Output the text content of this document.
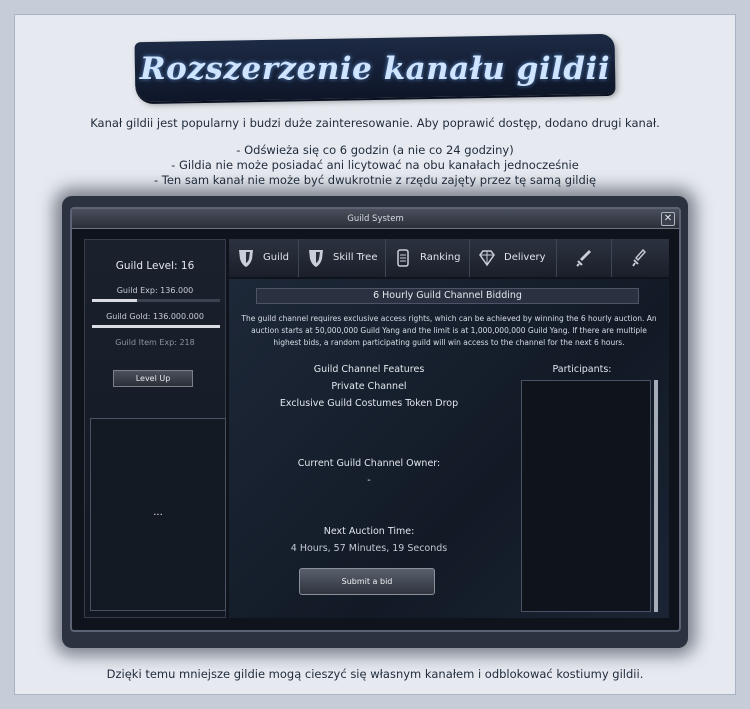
Rozszerzenie kanału gildii
Kanał gildii jest popularny i budzi duże zainteresowanie. Aby poprawić dostęp, dodano drugi kanał.
- Odświeża się co 6 godzin (a nie co 24 godziny)
- Gildia nie może posiadać ani licytować na obu kanałach jednocześnie
- Ten sam kanał nie może być dwukrotnie z rzędu zajęty przez tę samą gildię
Guild System	✕
Guild Level: 16
Guild Exp: 136.000
Guild Gold: 136.000.000
Guild Item Exp: 218
Level Up
...
Guild	Skill Tree	Ranking	Delivery
6 Hourly Guild Channel Bidding
The guild channel requires exclusive access rights, which can be achieved by winning the 6 hourly auction. An auction starts at 50,000,000 Guild Yang and the limit is at 1,000,000,000 Guild Yang. If there are multiple highest bids, a random participating guild will win access to the channel for the next 6 hours.
Guild Channel Features
Private Channel
Exclusive Guild Costumes Token Drop
Current Guild Channel Owner:
-
Next Auction Time:
4 Hours, 57 Minutes, 19 Seconds
Submit a bid
Participants:
Dzięki temu mniejsze gildie mogą cieszyć się własnym kanałem i odblokować kostiumy gildii.
